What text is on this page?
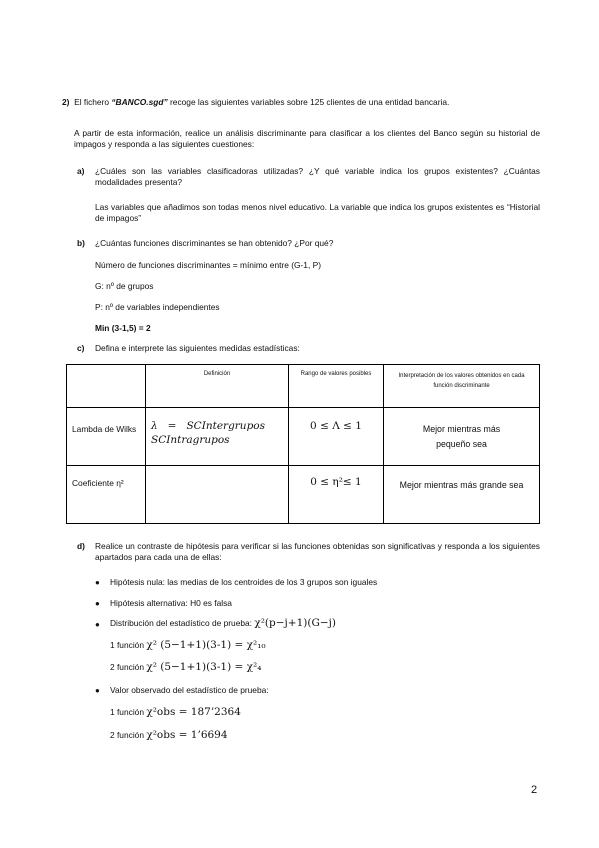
2) El fichero “BANCO.sgd” recoge las siguientes variables sobre 125 clientes de una entidad bancaria.
A partir de esta información, realice un análisis discriminante para clasificar a los clientes del Banco según su historial de impagos y responda a las siguientes cuestiones:
a) ¿Cuáles son las variables clasificadoras utilizadas? ¿Y qué variable indica los grupos existentes? ¿Cuántas modalidades presenta?
Las variables que añadimos son todas menos nivel educativo. La variable que indica los grupos existentes es “Historial de impagos”
b) ¿Cuántas funciones discriminantes se han obtenido? ¿Por qué?
Número de funciones discriminantes = mínimo entre (G-1, P)
G: nº de grupos
P: nº de variables independientes
Min (3-1,5) = 2
c) Defina e interprete las siguientes medidas estadísticas:

	Definición	Rango de valores posibles	Interpretación de los valores obtenidos en cada función discriminante

Lambda de Wilks	λ   =   SCIntergrupos
SCIntragrupos	0 ≤ Λ ≤ 1	Mejor mientras más pequeño sea

Coeficiente η²		0 ≤ η²≤ 1	Mejor mientras más grande sea
d) Realice un contraste de hipótesis para verificar si las funciones obtenidas son significativas y responda a los siguientes apartados para cada una de ellas:
● Hipótesis nula: las medias de los centroides de los 3 grupos son iguales
● Hipótesis alternativa: H0 es falsa
● Distribución del estadístico de prueba: χ²(p−j+1)(G−j)
1 función χ² (5−1+1)(3-1) = χ²₁₀
2 función χ² (5−1+1)(3-1) = χ²₄
● Valor observado del estadístico de prueba:
1 función χ²obs = 187’2364
2 función χ²obs = 1’6694
2
